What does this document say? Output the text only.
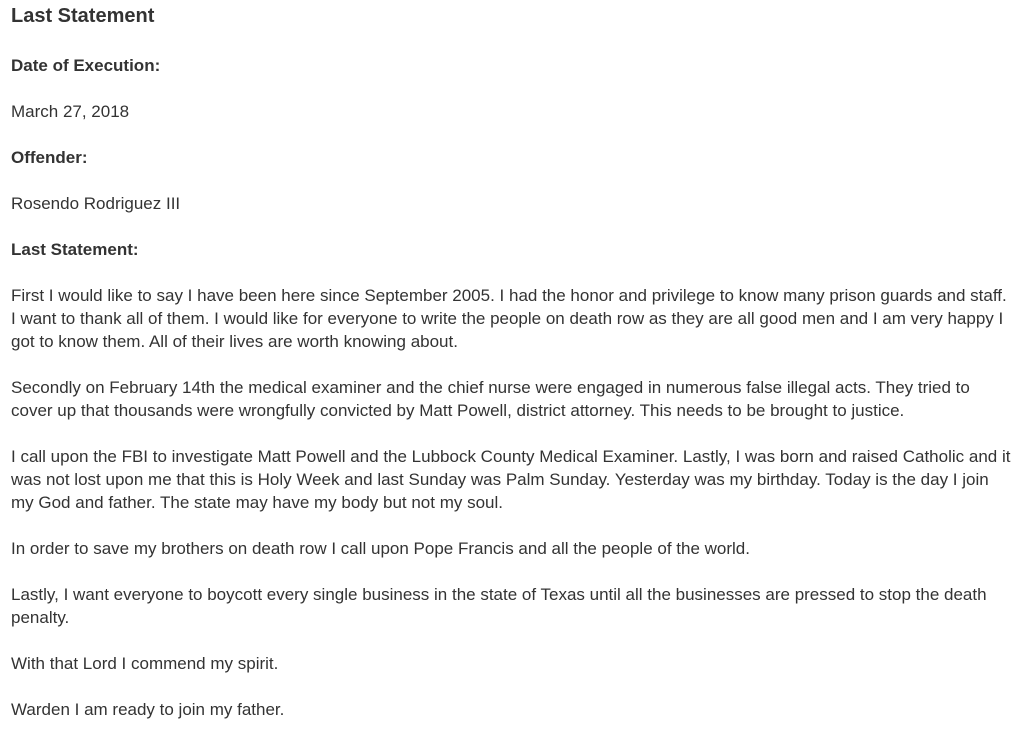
Last Statement

Date of Execution:

March 27, 2018

Offender:

Rosendo Rodriguez III

Last Statement:

First I would like to say I have been here since September 2005. I had the honor and privilege to know many prison guards and staff. I want to thank all of them. I would like for everyone to write the people on death row as they are all good men and I am very happy I got to know them. All of their lives are worth knowing about.

Secondly on February 14th the medical examiner and the chief nurse were engaged in numerous false illegal acts. They tried to cover up that thousands were wrongfully convicted by Matt Powell, district attorney. This needs to be brought to justice.

I call upon the FBI to investigate Matt Powell and the Lubbock County Medical Examiner. Lastly, I was born and raised Catholic and it was not lost upon me that this is Holy Week and last Sunday was Palm Sunday. Yesterday was my birthday. Today is the day I join my God and father. The state may have my body but not my soul.

In order to save my brothers on death row I call upon Pope Francis and all the people of the world.

Lastly, I want everyone to boycott every single business in the state of Texas until all the businesses are pressed to stop the death penalty.

With that Lord I commend my spirit.

Warden I am ready to join my father.
